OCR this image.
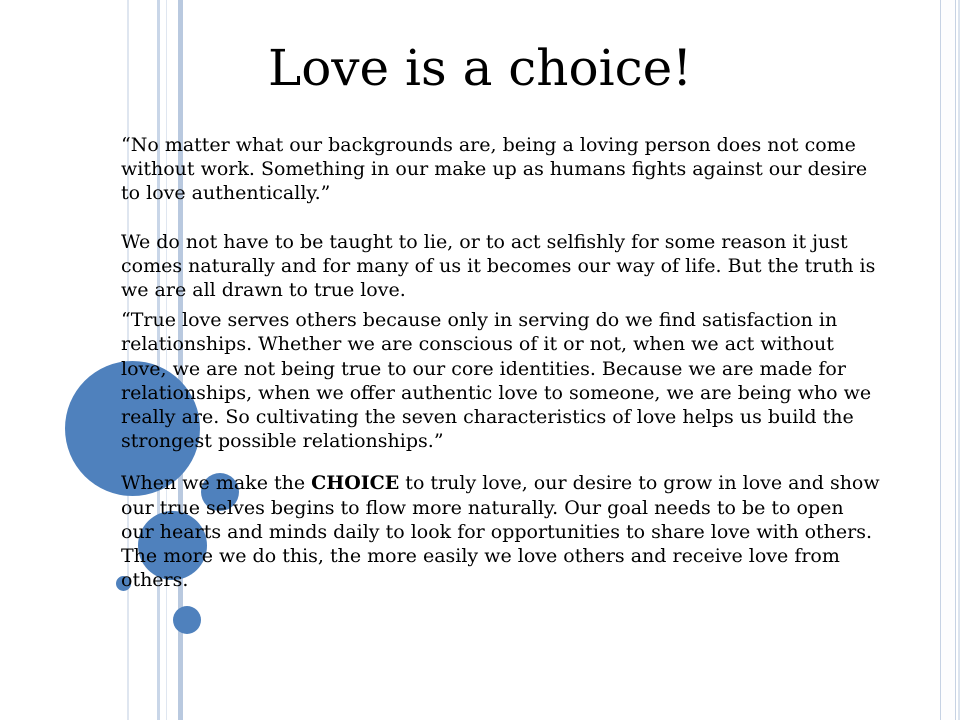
Love is a choice!

“No matter what our backgrounds are, being a loving person does not come without work. Something in our make up as humans fights against our desire to love authentically.”

We do not have to be taught to lie, or to act selfishly for some reason it just comes naturally and for many of us it becomes our way of life. But the truth is we are all drawn to true love.

“True love serves others because only in serving do we find satisfaction in relationships. Whether we are conscious of it or not, when we act without love, we are not being true to our core identities. Because we are made for relationships, when we offer authentic love to someone, we are being who we really are. So cultivating the seven characteristics of love helps us build the strongest possible relationships.”

When we make the CHOICE to truly love, our desire to grow in love and show our true selves begins to flow more naturally. Our goal needs to be to open our hearts and minds daily to look for opportunities to share love with others. The more we do this, the more easily we love others and receive love from others.
